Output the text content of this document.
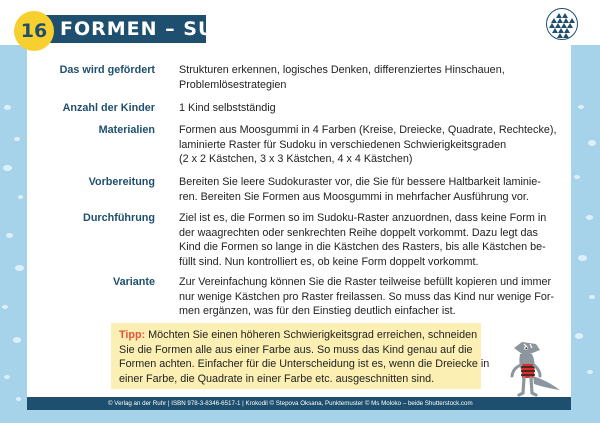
16 FORMEN – SUDOKU
Das wird gefördert Strukturen erkennen, logisches Denken, differenziertes Hinschauen,
Problemlösestrategien
Anzahl der Kinder 1 Kind selbstständig
Materialien Formen aus Moosgummi in 4 Farben (Kreise, Dreiecke, Quadrate, Rechtecke),
laminierte Raster für Sudoku in verschiedenen Schwierigkeitsgraden
(2 x 2 Kästchen, 3 x 3 Kästchen, 4 x 4 Kästchen)
Vorbereitung Bereiten Sie leere Sudokuraster vor, die Sie für bessere Haltbarkeit laminie-
ren. Bereiten Sie Formen aus Moosgummi in mehrfacher Ausführung vor.
Durchführung Ziel ist es, die Formen so im Sudoku-Raster anzuordnen, dass keine Form in
der waagrechten oder senkrechten Reihe doppelt vorkommt. Dazu legt das
Kind die Formen so lange in die Kästchen des Rasters, bis alle Kästchen be-
füllt sind. Nun kontrolliert es, ob keine Form doppelt vorkommt.
Variante Zur Vereinfachung können Sie die Raster teilweise befüllt kopieren und immer
nur wenige Kästchen pro Raster freilassen. So muss das Kind nur wenige For-
men ergänzen, was für den Einstieg deutlich einfacher ist.
Tipp: Möchten Sie einen höheren Schwierigkeitsgrad erreichen, schneiden
Sie die Formen alle aus einer Farbe aus. So muss das Kind genau auf die
Formen achten. Einfacher für die Unterscheidung ist es, wenn die Dreiecke in
einer Farbe, die Quadrate in einer Farbe etc. ausgeschnitten sind.
© Verlag an der Ruhr | ISBN 978-3-8346-6517-1 | Krokodil © Stepova Oksana, Punktemuster © Ms Moloko – beide Shutterstock.com
